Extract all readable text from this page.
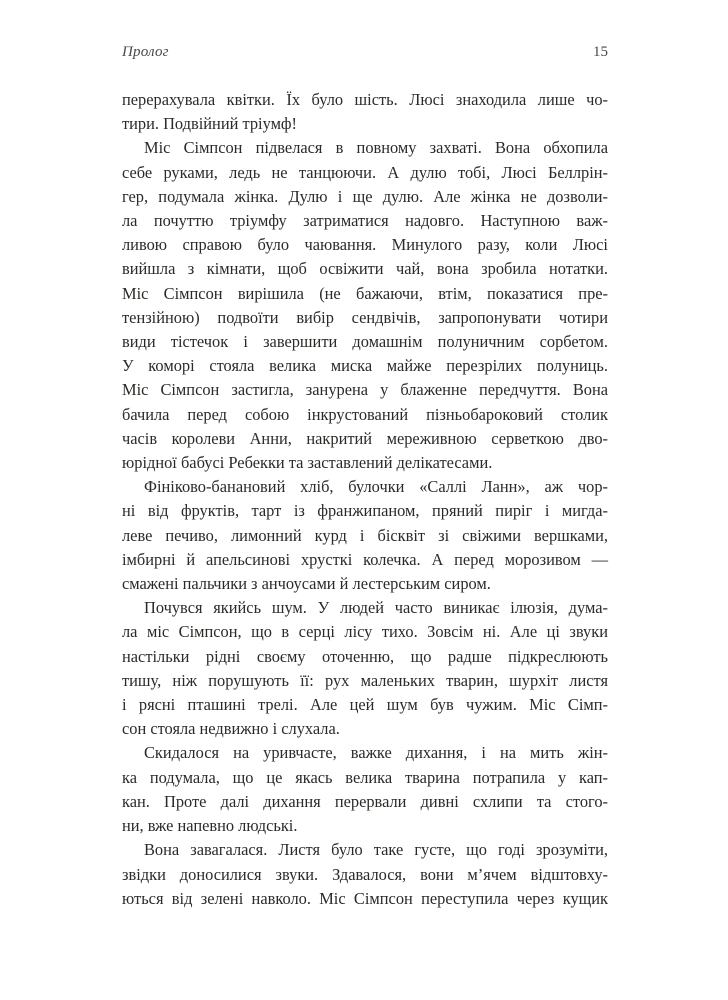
Пролог	15
перерахувала квітки. Їх було шість. Люсі знаходила лише чо-
тири. Подвійний тріумф!
Міс Сімпсон підвелася в повному захваті. Вона обхопила
себе руками, ледь не танцюючи. А дулю тобі, Люсі Беллрін-
гер, подумала жінка. Дулю і ще дулю. Але жінка не дозволи-
ла почуттю тріумфу затриматися надовго. Наступною важ-
ливою справою було чаювання. Минулого разу, коли Люсі
вийшла з кімнати, щоб освіжити чай, вона зробила нотатки.
Міс Сімпсон вирішила (не бажаючи, втім, показатися пре-
тензійною) подвоїти вибір сендвічів, запропонувати чотири
види тістечок і завершити домашнім полуничним сорбетом.
У коморі стояла велика миска майже перезрілих полуниць.
Міс Сімпсон застигла, занурена у блаженне передчуття. Вона
бачила перед собою інкрустований пізньобароковий столик
часів королеви Анни, накритий мереживною серветкою дво-
юрідної бабусі Ребекки та заставлений делікатесами.
Фініково-банановий хліб, булочки «Саллі Ланн», аж чор-
ні від фруктів, тарт із франжипаном, пряний пиріг і мигда-
леве печиво, лимонний курд і бісквіт зі свіжими вершками,
імбирні й апельсинові хрусткі колечка. А перед морозивом —
смажені пальчики з анчоусами й лестерським сиром.
Почувся якийсь шум. У людей часто виникає ілюзія, дума-
ла міс Сімпсон, що в серці лісу тихо. Зовсім ні. Але ці звуки
настільки рідні своєму оточенню, що радше підкреслюють
тишу, ніж порушують її: рух маленьких тварин, шурхіт листя
і рясні пташині трелі. Але цей шум був чужим. Міс Сімп-
сон стояла недвижно і слухала.
Скидалося на уривчасте, важке дихання, і на мить жін-
ка подумала, що це якась велика тварина потрапила у кап-
кан. Проте далі дихання перервали дивні схлипи та стого-
ни, вже напевно людські.
Вона завагалася. Листя було таке густе, що годі зрозуміти,
звідки доносилися звуки. Здавалося, вони м’ячем відштовху-
ються від зелені навколо. Міс Сімпсон переступила через кущик
